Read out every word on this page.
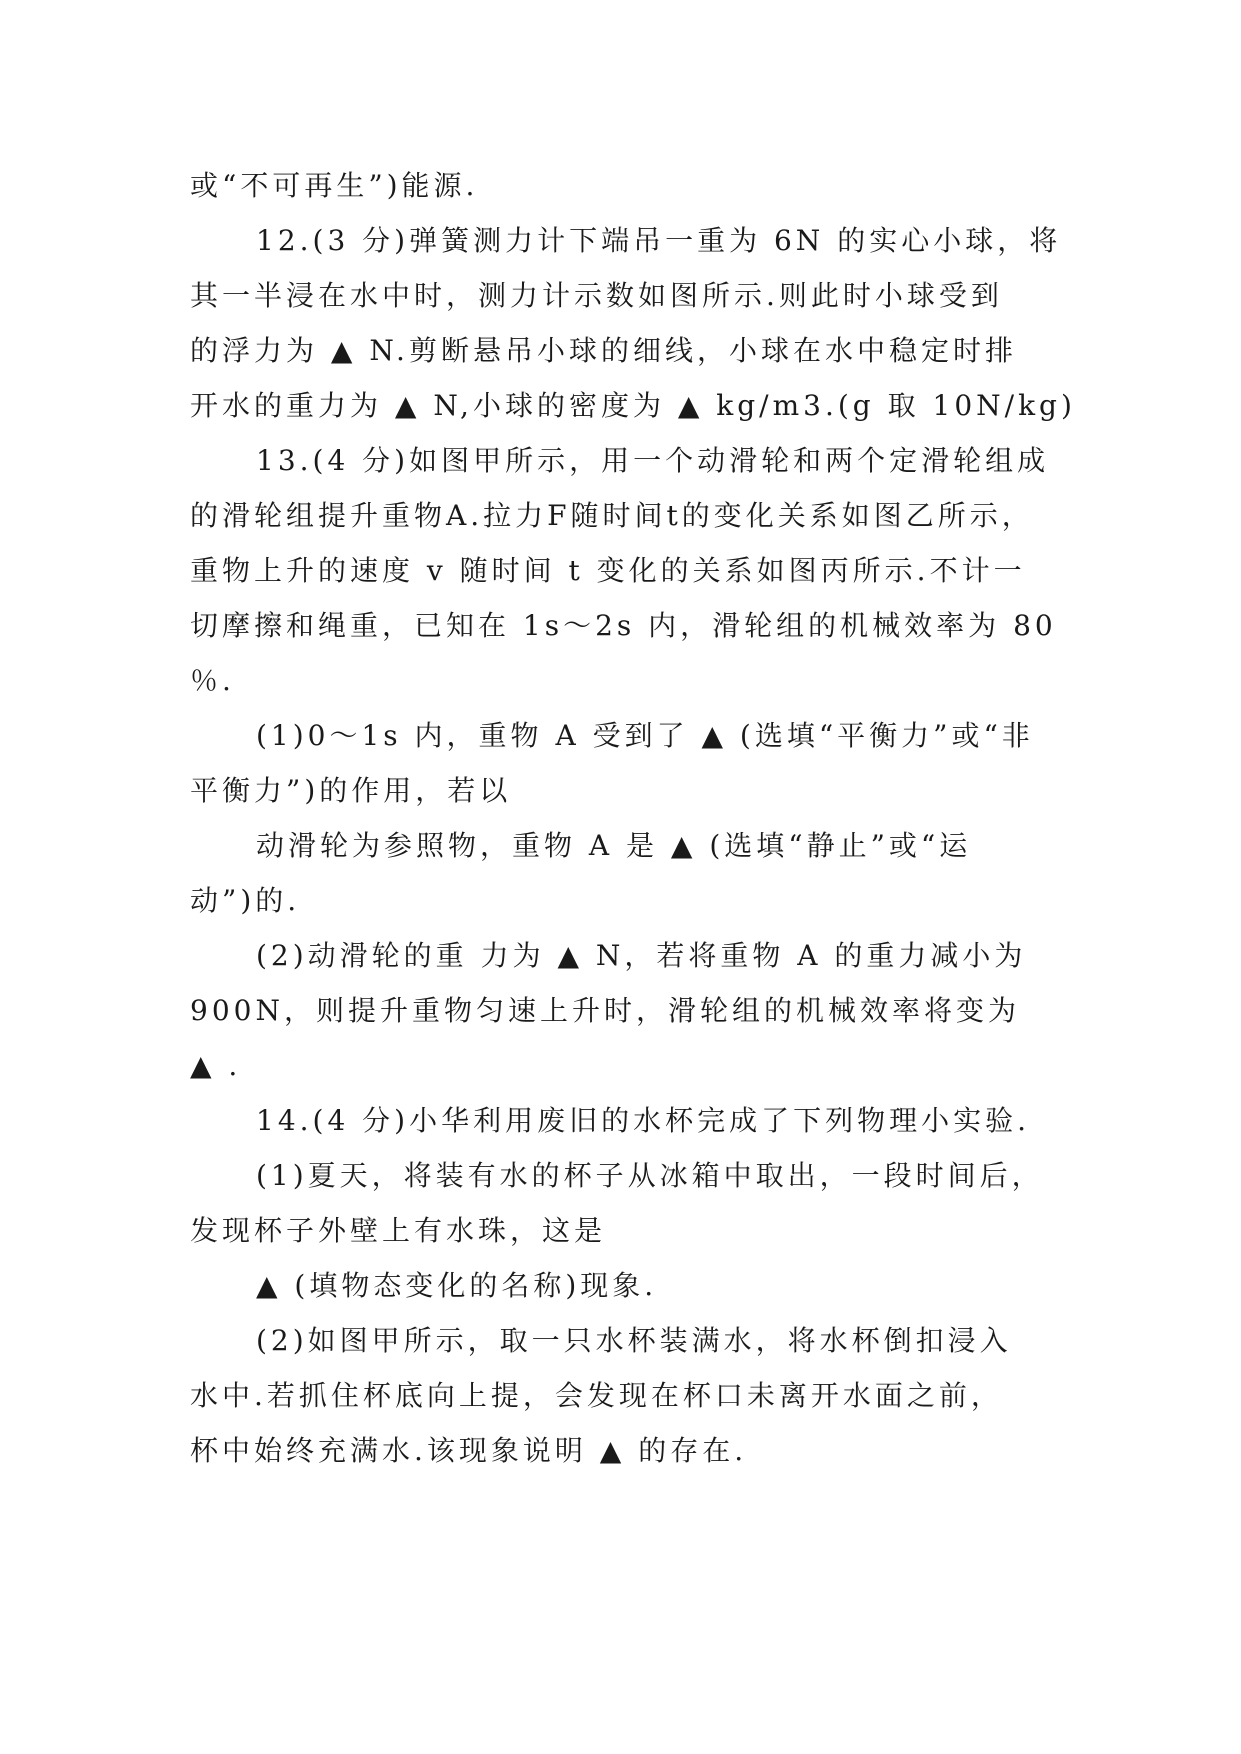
或“不可再生”)能源.
12.(3 分)弹簧测力计下端吊一重为 6N 的实心小球，将
其一半浸在水中时，测力计示数如图所示.则此时小球受到
的浮力为 ▲ N.剪断悬吊小球的细线，小球在水中稳定时排
开水的重力为 ▲ N,小球的密度为 ▲ kg/m3.(g 取 10N/kg)
13.(4 分)如图甲所示，用一个动滑轮和两个定滑轮组成
的滑轮组提升重物A.拉力F随时间t的变化关系如图乙所示，
重物上升的速度 v 随时间 t 变化的关系如图丙所示.不计一
切摩擦和绳重，已知在 1s～2s 内，滑轮组的机械效率为 80
％.
(1)0～1s 内，重物 A 受到了 ▲ (选填“平衡力”或“非
平衡力”)的作用，若以
动滑轮为参照物，重物 A 是 ▲ (选填“静止”或“运
动”)的.
(2)动滑轮的重 力为 ▲ N，若将重物 A 的重力减小为
900N，则提升重物匀速上升时，滑轮组的机械效率将变为
▲ .
14.(4 分)小华利用废旧的水杯完成了下列物理小实验.
(1)夏天，将装有水的杯子从冰箱中取出，一段时间后，
发现杯子外壁上有水珠，这是
▲ (填物态变化的名称)现象.
(2)如图甲所示，取一只水杯装满水，将水杯倒扣浸入
水中.若抓住杯底向上提，会发现在杯口未离开水面之前，
杯中始终充满水.该现象说明 ▲ 的存在.
